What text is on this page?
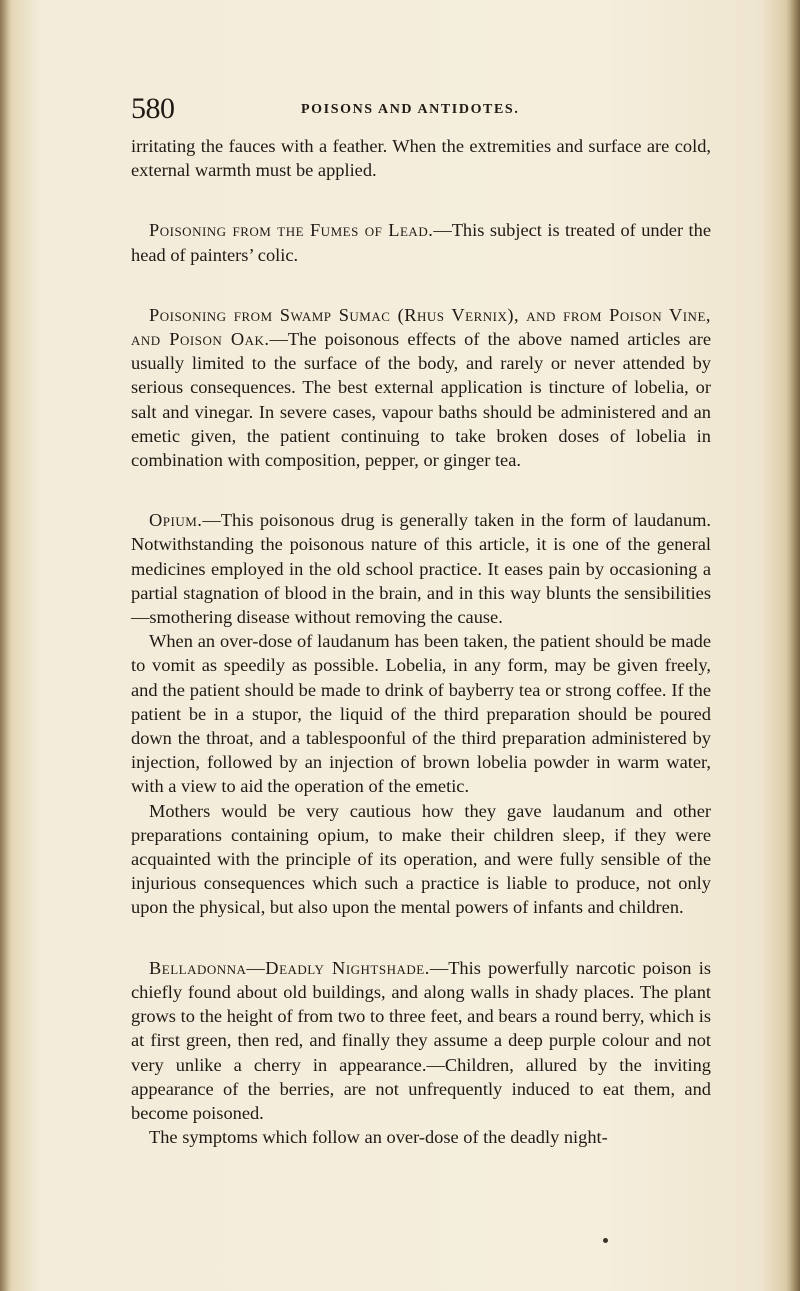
580	POISONS AND ANTIDOTES.

irritating the fauces with a feather. When the extremities and surface are cold, external warmth must be applied.

Poisoning from the Fumes of Lead.—This subject is treated of under the head of painters’ colic.

Poisoning from Swamp Sumac (Rhus Vernix), and from Poison Vine, and Poison Oak.—The poisonous effects of the above named articles are usually limited to the surface of the body, and rarely or never attended by serious consequences. The best external application is tincture of lobelia, or salt and vinegar. In severe cases, vapour baths should be administered and an emetic given, the patient continuing to take broken doses of lobelia in combination with composition, pepper, or ginger tea.

Opium.—This poisonous drug is generally taken in the form of laudanum. Notwithstanding the poisonous nature of this article, it is one of the general medicines employed in the old school practice. It eases pain by occasioning a partial stagnation of blood in the brain, and in this way blunts the sensibilities—smothering disease without removing the cause.

When an over-dose of laudanum has been taken, the patient should be made to vomit as speedily as possible. Lobelia, in any form, may be given freely, and the patient should be made to drink of bayberry tea or strong coffee. If the patient be in a stupor, the liquid of the third preparation should be poured down the throat, and a tablespoonful of the third preparation administered by injection, followed by an injection of brown lobelia powder in warm water, with a view to aid the operation of the emetic.

Mothers would be very cautious how they gave laudanum and other preparations containing opium, to make their children sleep, if they were acquainted with the principle of its operation, and were fully sensible of the injurious consequences which such a practice is liable to produce, not only upon the physical, but also upon the mental powers of infants and children.

Belladonna—Deadly Nightshade.—This powerfully narcotic poison is chiefly found about old buildings, and along walls in shady places. The plant grows to the height of from two to three feet, and bears a round berry, which is at first green, then red, and finally they assume a deep purple colour and not very unlike a cherry in appearance.—Children, allured by the inviting appearance of the berries, are not unfrequently induced to eat them, and become poisoned.

The symptoms which follow an over-dose of the deadly night-
